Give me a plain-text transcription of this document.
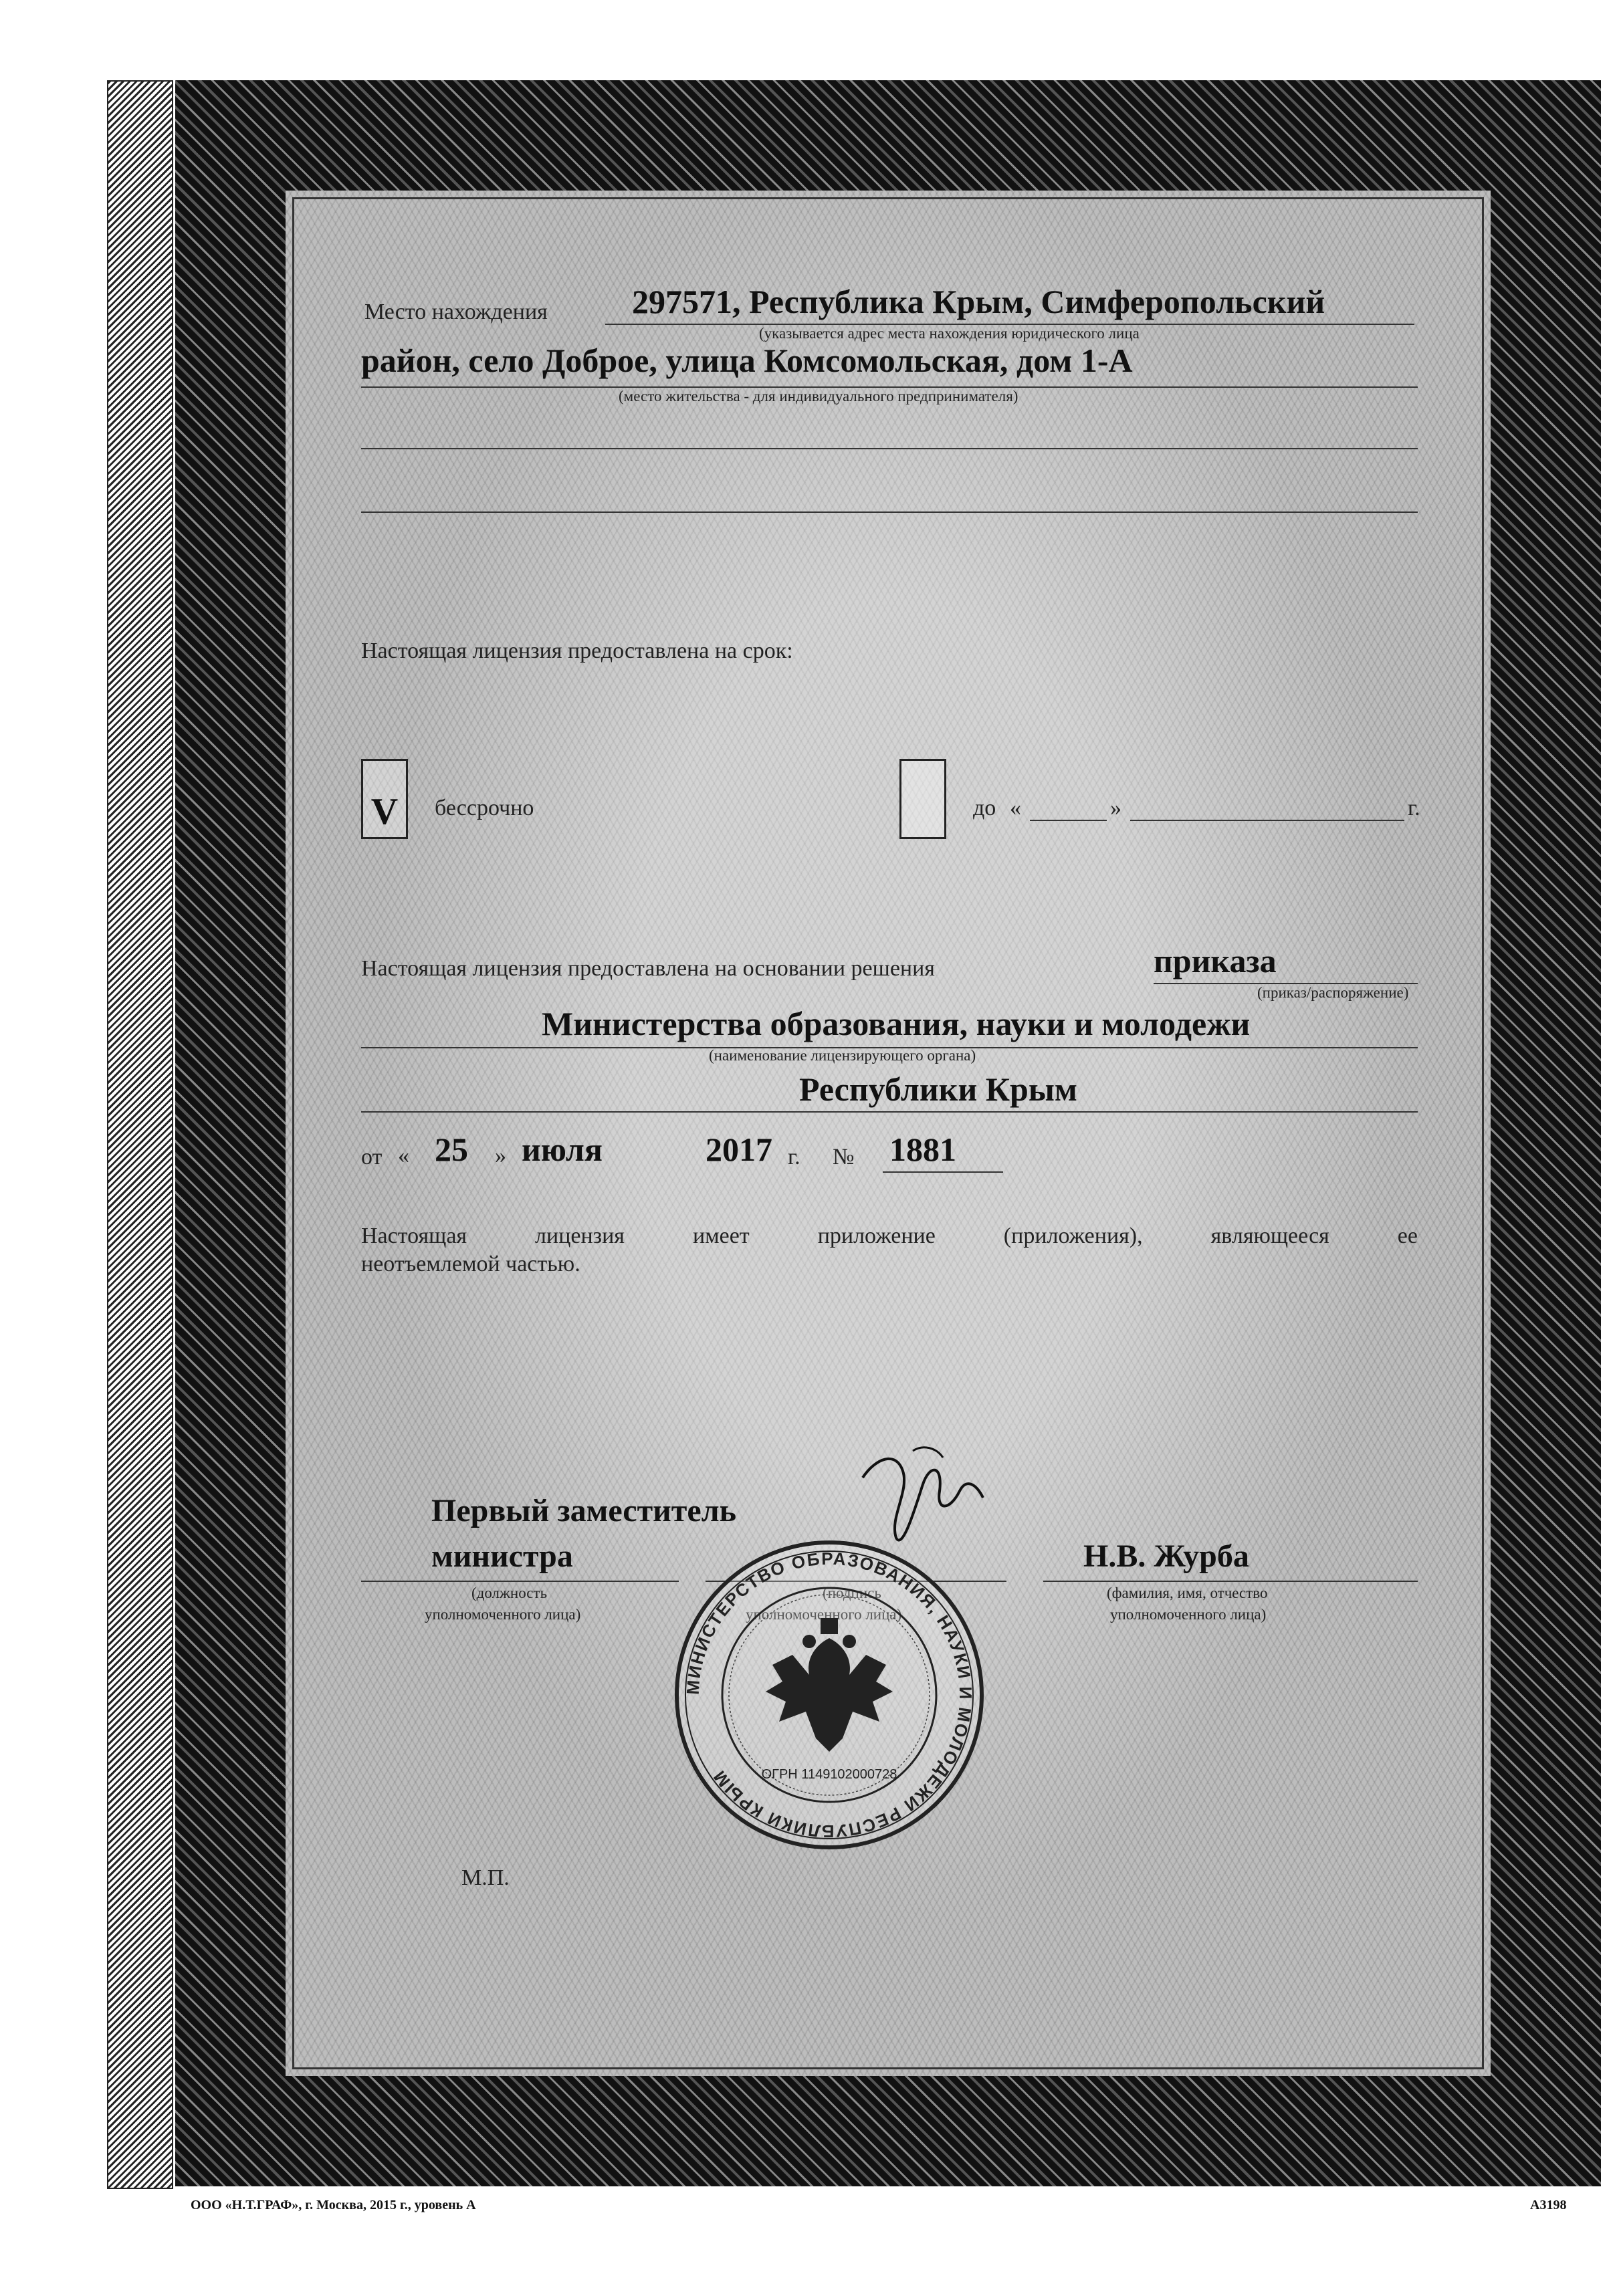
Место нахождения	297571, Республика Крым, Симферопольский
(указывается адрес места нахождения юридического лица
район, село Доброе, улица Комсомольская, дом 1-А
(место жительства - для индивидуального предпринимателя)
Настоящая лицензия предоставлена на срок:
V бессрочно	до «	»	г.
Настоящая лицензия предоставлена на основании решения	приказа
(приказ/распоряжение)
Министерства образования, науки и молодежи
(наименование лицензирующего органа)
Республики Крым
от « 25 » июля	2017 г. № 1881
Настоящая лицензия имеет приложение (приложения), являющееся ее
неотъемлемой частью.
Первый заместитель
министра
(должность
уполномоченного лица)
Н.В. Журба
(фамилия, имя, отчество
уполномоченного лица)
МИНИСТЕРСТВО ОБРАЗОВАНИЯ, НАУКИ И МОЛОДЕЖИ РЕСПУБЛИКИ КРЫМ	ОГРН 1149102000728
М.П.
ООО «Н.Т.ГРАФ», г. Москва, 2015 г., уровень А	А3198
